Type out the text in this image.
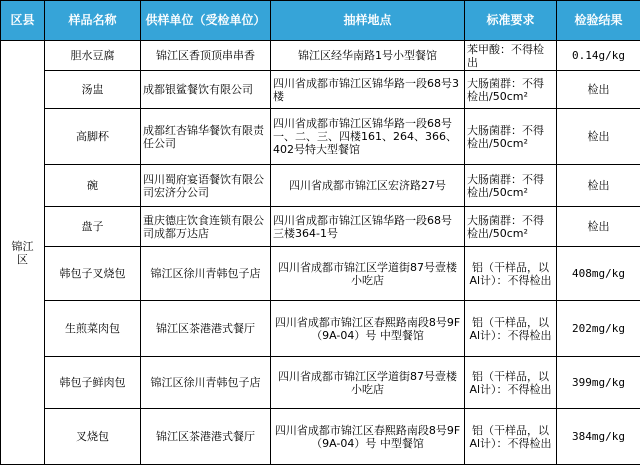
区县	样品名称	供样单位（受检单位）	抽样地点	标准要求	检验结果
锦江区	胆水豆腐	锦江区香顶顶串串香	锦江区经华南路1号小型餐馆	苯甲酸：不得检出	0.14g/kg
	汤盅	成都银鲨餐饮有限公司	四川省成都市锦江区锦华路一段68号3楼	大肠菌群：不得检出/50cm²	检出
	高脚杯	成都红杏锦华餐饮有限责任公司	四川省成都市锦江区锦华路一段68号一、二、三、四楼161、264、366、402号特大型餐馆	大肠菌群：不得检出/50cm²	检出
	碗	四川蜀府宴语餐饮有限公司宏济分公司	四川省成都市锦江区宏济路27号	大肠菌群：不得检出/50cm²	检出
	盘子	重庆德庄饮食连锁有限公司成都万达店	四川省成都市锦江区锦华路一段68号三楼364-1号	大肠菌群：不得检出/50cm²	检出
	韩包子叉烧包	锦江区徐川青韩包子店	四川省成都市锦江区学道街87号壹楼小吃店	铝（干样品，以Al计）：不得检出	408mg/kg
	生煎菜肉包	锦江区茶港港式餐厅	四川省成都市锦江区春熙路南段8号9F（9A-04）号 中型餐馆	铝（干样品，以Al计）：不得检出	202mg/kg
	韩包子鲜肉包	锦江区徐川青韩包子店	四川省成都市锦江区学道街87号壹楼小吃店	铝（干样品，以Al计）：不得检出	399mg/kg
	叉烧包	锦江区茶港港式餐厅	四川省成都市锦江区春熙路南段8号9F（9A-04）号 中型餐馆	铝（干样品，以Al计）：不得检出	384mg/kg
